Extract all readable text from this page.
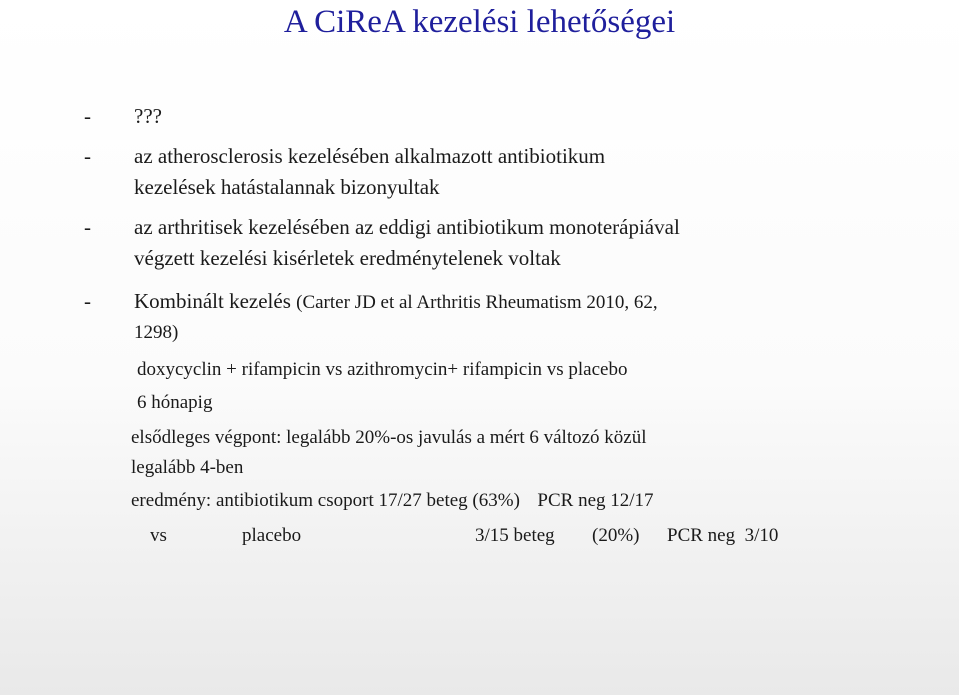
A CiReA kezelési lehetőségei
- ???
- az atherosclerosis kezelésében alkalmazott antibiotikum
kezelések hatástalannak bizonyultak
- az arthritisek kezelésében az eddigi antibiotikum monoterápiával
végzett kezelési kisérletek eredménytelenek voltak
- Kombinált kezelés (Carter JD et al Arthritis Rheumatism 2010, 62,
1298)
doxycyclin + rifampicin vs azithromycin+ rifampicin vs placebo
6 hónapig
elsődleges végpont: legalább 20%-os javulás a mért 6 változó közül
legalább 4-ben
eredmény: antibiotikum csoport 17/27 beteg (63%) PCR neg 12/17
vs	placebo	3/15 beteg (20%) PCR neg  3/10
